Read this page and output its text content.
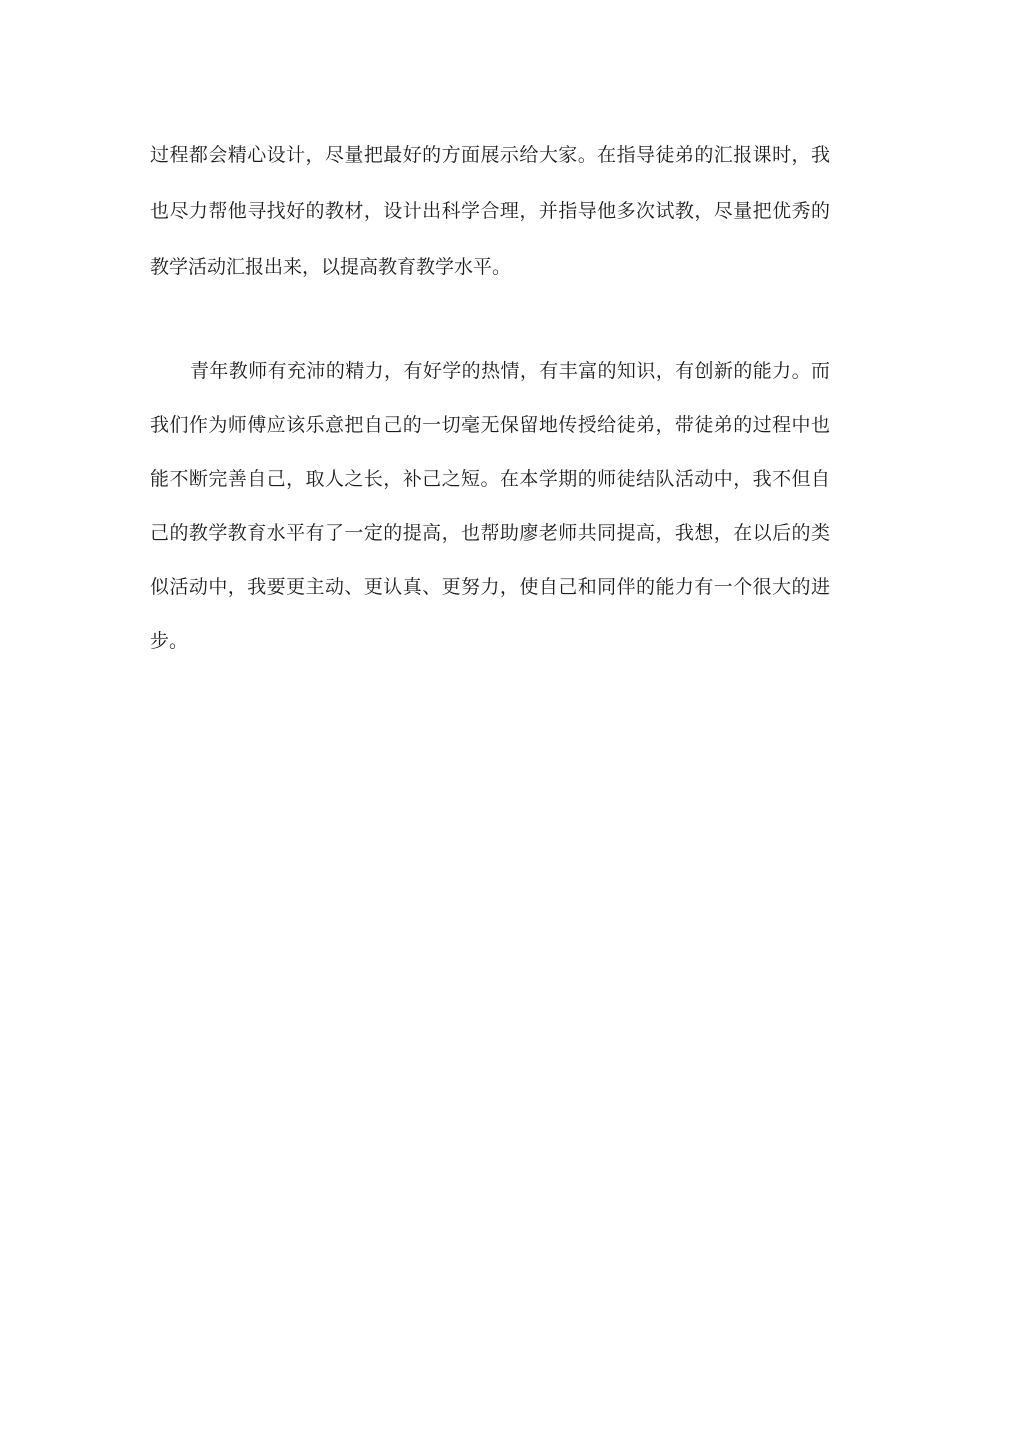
过程都会精心设计，尽量把最好的方面展示给大家。在指导徒弟的汇报课时，我
也尽力帮他寻找好的教材，设计出科学合理，并指导他多次试教，尽量把优秀的
教学活动汇报出来，以提高教育教学水平。
青年教师有充沛的精力，有好学的热情，有丰富的知识，有创新的能力。而
我们作为师傅应该乐意把自己的一切毫无保留地传授给徒弟，带徒弟的过程中也
能不断完善自己，取人之长，补己之短。在本学期的师徒结队活动中，我不但自
己的教学教育水平有了一定的提高，也帮助廖老师共同提高，我想，在以后的类
似活动中，我要更主动、更认真、更努力，使自己和同伴的能力有一个很大的进
步。
